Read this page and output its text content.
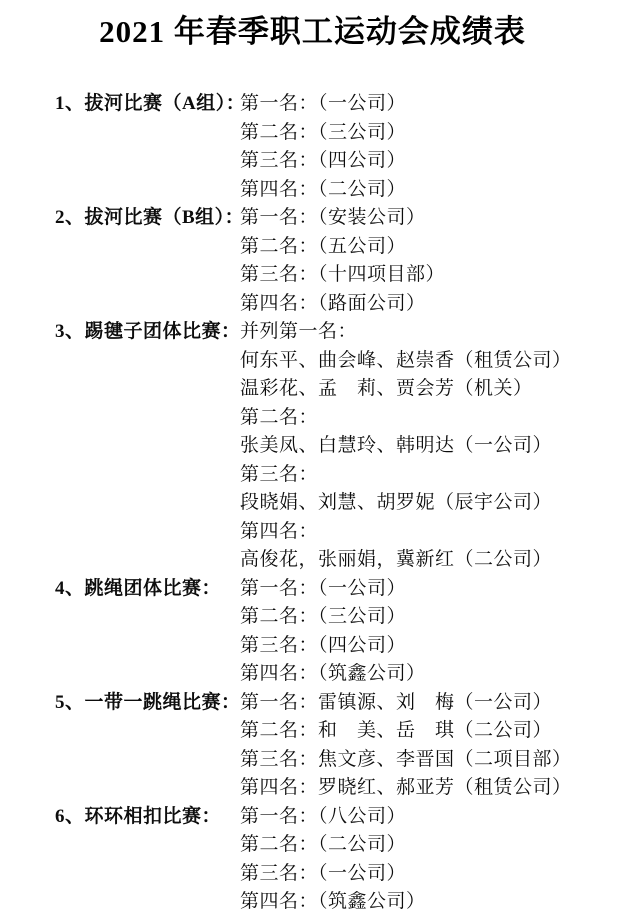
2021 年春季职工运动会成绩表
1、拔河比赛（A组）：
第一名：（一公司）
第二名：（三公司）
第三名：（四公司）
第四名：（二公司）
2、拔河比赛（B组）：
第一名：（安装公司）
第二名：（五公司）
第三名：（十四项目部）
第四名：（路面公司）
3、踢毽子团体比赛： 并列第一名：
何东平、曲会峰、赵崇香（租赁公司）
温彩花、孟　莉、贾会芳（机关）
第二名：
张美凤、白慧玲、韩明达（一公司）
第三名：
段晓娟、刘慧、胡罗妮（辰宇公司）
第四名：
高俊花，张丽娟，冀新红（二公司）
4、跳绳团体比赛： 第一名：（一公司）
第二名：（三公司）
第三名：（四公司）
第四名：（筑鑫公司）
5、一带一跳绳比赛： 第一名：雷镇源、刘　梅（一公司）
第二名：和　美、岳　琪（二公司）
第三名：焦文彦、李晋国（二项目部）
第四名：罗晓红、郝亚芳（租赁公司）
6、环环相扣比赛： 第一名：（八公司）
第二名：（二公司）
第三名：（一公司）
第四名：（筑鑫公司）
